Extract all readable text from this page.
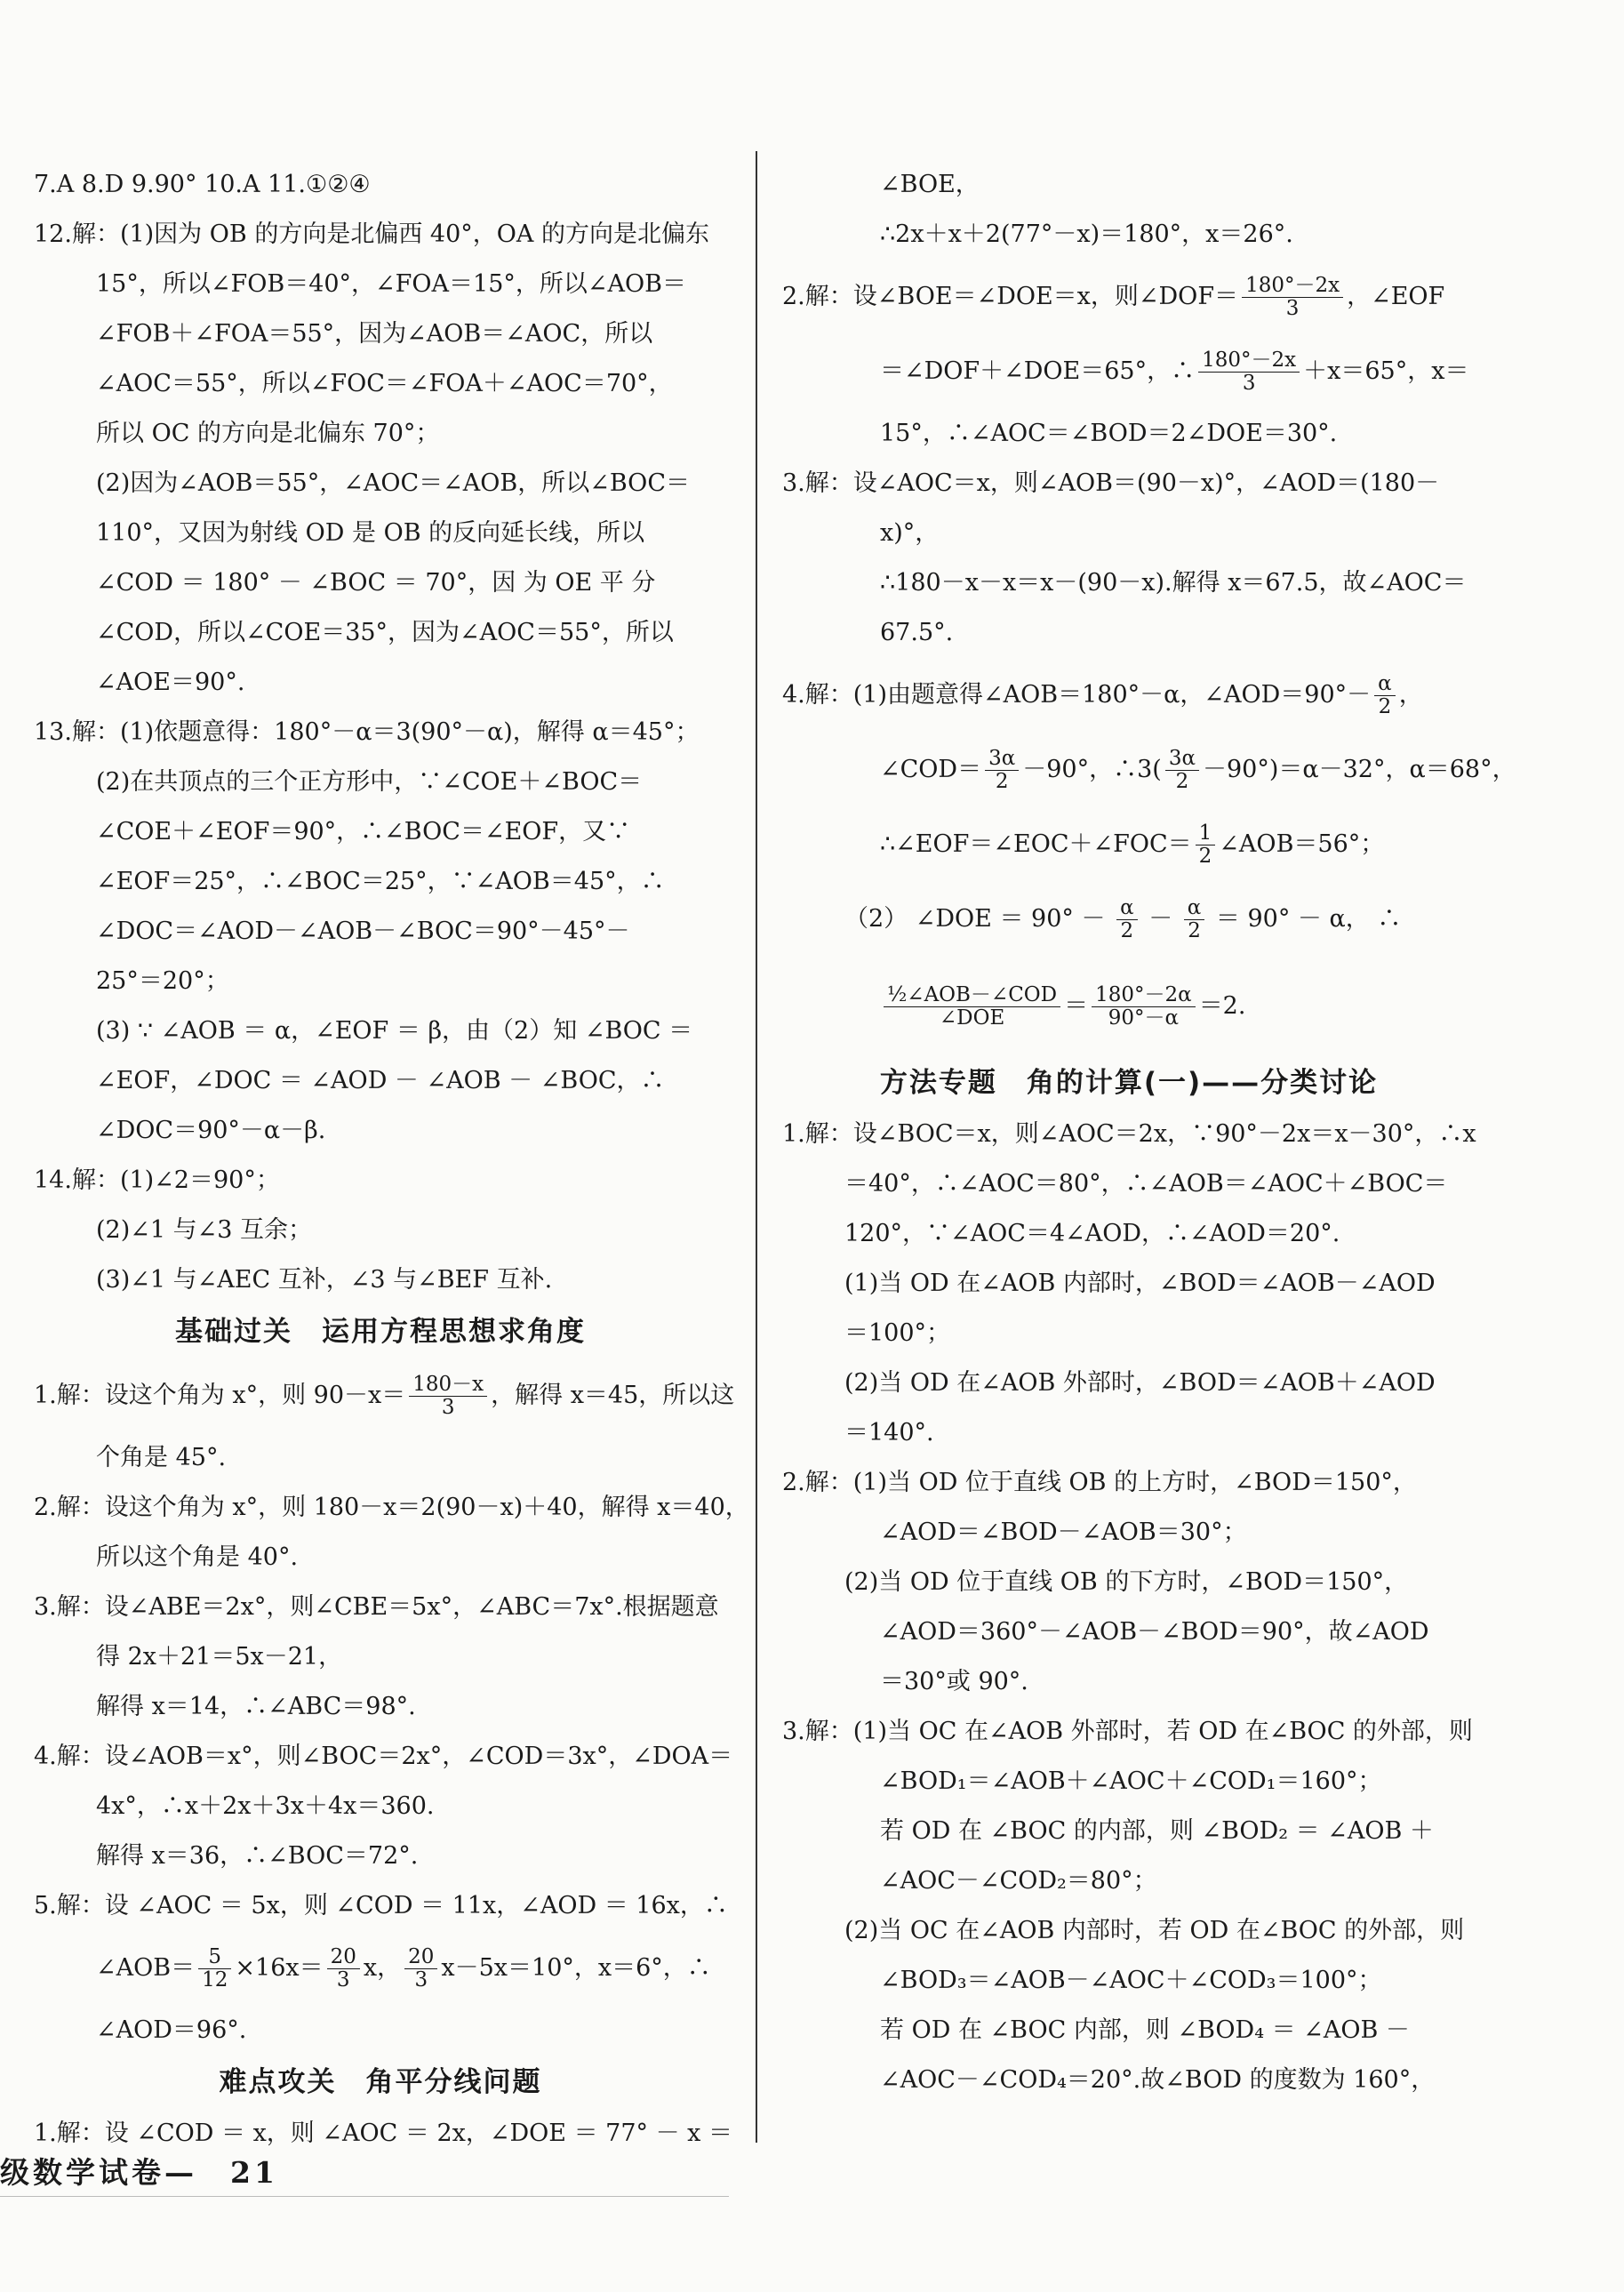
7.A 8.D 9.90° 10.A 11.①②④
12.解：(1)因为 OB 的方向是北偏西 40°，OA 的方向是北偏东
15°，所以∠FOB＝40°，∠FOA＝15°，所以∠AOB＝
∠FOB＋∠FOA＝55°，因为∠AOB＝∠AOC，所以
∠AOC＝55°，所以∠FOC＝∠FOA＋∠AOC＝70°，
所以 OC 的方向是北偏东 70°；
(2)因为∠AOB＝55°，∠AOC＝∠AOB，所以∠BOC＝
110°，又因为射线 OD 是 OB 的反向延长线，所以
∠COD ＝ 180° － ∠BOC ＝ 70°，因 为 OE 平 分
∠COD，所以∠COE＝35°，因为∠AOC＝55°，所以
∠AOE＝90°.
13.解：(1)依题意得：180°－α＝3(90°－α)，解得 α＝45°；
(2)在共顶点的三个正方形中，∵∠COE＋∠BOC＝
∠COE＋∠EOF＝90°，∴∠BOC＝∠EOF，又∵
∠EOF＝25°，∴∠BOC＝25°，∵∠AOB＝45°，∴
∠DOC＝∠AOD－∠AOB－∠BOC＝90°－45°－
25°＝20°；
(3) ∵ ∠AOB ＝ α，∠EOF ＝ β，由（2）知 ∠BOC ＝
∠EOF，∠DOC ＝ ∠AOD － ∠AOB － ∠BOC，∴
∠DOC＝90°－α－β.
14.解：(1)∠2＝90°；
(2)∠1 与∠3 互余；
(3)∠1 与∠AEC 互补，∠3 与∠BEF 互补.
基础过关　运用方程思想求角度
1.解：设这个角为 x°，则 $90-x= \frac{180-x}{3}$ ，解得 x＝45，所以这
个角是 45°.
2.解：设这个角为 x°，则 180－x＝2(90－x)＋40，解得 x＝40，
所以这个角是 40°.
3.解：设∠ABE＝2x°，则∠CBE＝5x°，∠ABC＝7x°.根据题意
得 2x＋21＝5x－21，
解得 x＝14，∴∠ABC＝98°.
4.解：设∠AOB＝x°，则∠BOC＝2x°，∠COD＝3x°，∠DOA＝
4x°，∴x＋2x＋3x＋4x＝360.
解得 x＝36，∴∠BOC＝72°.
5.解：设 ∠AOC ＝ 5x，则 ∠COD ＝ 11x，∠AOD ＝ 16x，∴
∠AOB＝ $\frac{5}{12} \times 16x= \frac{20}{3}$ x， $\frac{20}{3} x-5x=10^\circ$，x＝6°，∴
∠AOD＝96°.
难点攻关　角平分线问题
1.解：设 ∠COD ＝ x，则 ∠AOC ＝ 2x，∠DOE ＝ 77° － x ＝
∠BOE，
∴2x＋x＋2(77°－x)＝180°，x＝26°.
2.解：设∠BOE＝∠DOE＝x，则∠DOF＝ $\frac{180^\circ-2x}{3}$ ，∠EOF
＝∠DOF＋∠DOE＝65°，∴ $\frac{180^\circ-2x}{3} +x=65^\circ$，x＝
15°，∴∠AOC＝∠BOD＝2∠DOE＝30°.
3.解：设∠AOC＝x，则∠AOB＝(90－x)°，∠AOD＝(180－
x)°，
∴180－x－x＝x－(90－x).解得 x＝67.5，故∠AOC＝
67.5°.
4.解：(1)由题意得∠AOB＝180°－α，∠AOD＝90°－ $\frac{\alpha}{2}$ ，
∠COD＝ $\frac{3\alpha}{2} -90^\circ$，∴3( $\frac{3\alpha}{2} -90^\circ)=\alpha-32^\circ$，α＝68°，
∴∠EOF＝∠EOC＋∠FOC＝ $\frac{1}{2}$ ∠AOB＝56°；
（2） ∠DOE ＝ $90^\circ - \frac{\alpha}{2} - \frac{\alpha}{2} = 90^\circ - \alpha$， ∴
$\frac{\text{½∠AOB－∠COD}}{\text{∠DOE}} = \frac{180^\circ-2\alpha}{90^\circ-\alpha} =2$.
方法专题　角的计算(一)——分类讨论
1.解：设∠BOC＝x，则∠AOC＝2x，∵90°－2x＝x－30°，∴x
＝40°，∴∠AOC＝80°，∴∠AOB＝∠AOC＋∠BOC＝
120°，∵∠AOC＝4∠AOD，∴∠AOD＝20°.
(1)当 OD 在∠AOB 内部时，∠BOD＝∠AOB－∠AOD
＝100°；
(2)当 OD 在∠AOB 外部时，∠BOD＝∠AOB＋∠AOD
＝140°.
2.解：(1)当 OD 位于直线 OB 的上方时，∠BOD＝150°，
∠AOD＝∠BOD－∠AOB＝30°；
(2)当 OD 位于直线 OB 的下方时，∠BOD＝150°，
∠AOD＝360°－∠AOB－∠BOD＝90°，故∠AOD
＝30°或 90°.
3.解：(1)当 OC 在∠AOB 外部时，若 OD 在∠BOC 的外部，则
∠BOD₁＝∠AOB＋∠AOC＋∠COD₁＝160°；
若 OD 在 ∠BOC 的内部，则 ∠BOD₂ ＝ ∠AOB ＋
∠AOC－∠COD₂＝80°；
(2)当 OC 在∠AOB 内部时，若 OD 在∠BOC 的外部，则
∠BOD₃＝∠AOB－∠AOC＋∠COD₃＝100°；
若 OD 在 ∠BOC 内部，则 ∠BOD₄ ＝ ∠AOB －
∠AOC－∠COD₄＝20°.故∠BOD 的度数为 160°，
级数学试卷—　21
